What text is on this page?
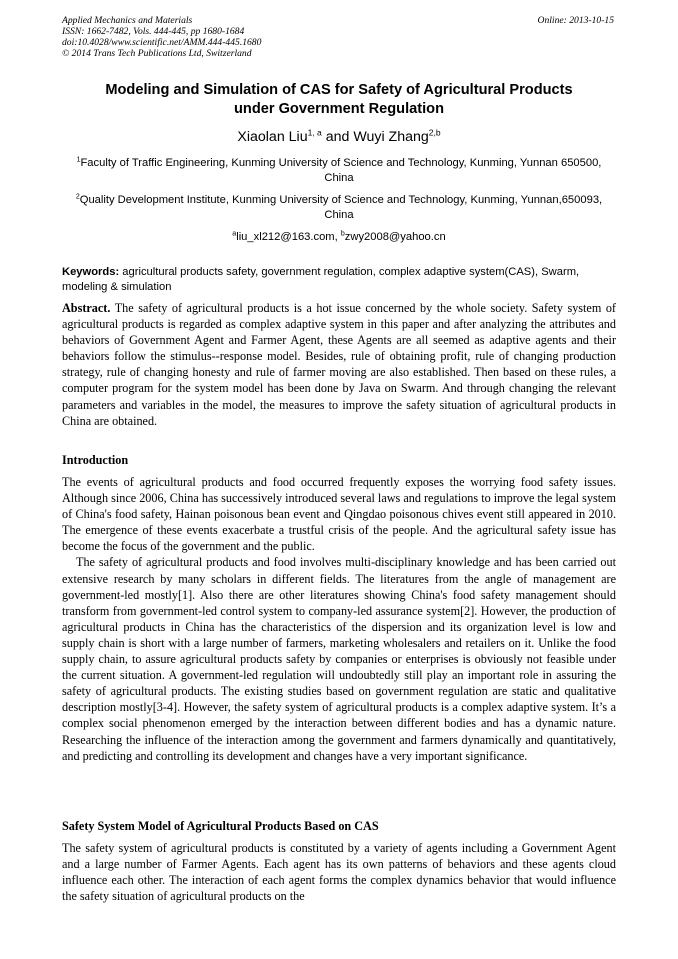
Applied Mechanics and Materials
ISSN: 1662-7482, Vols. 444-445, pp 1680-1684
doi:10.4028/www.scientific.net/AMM.444-445.1680
© 2014 Trans Tech Publications Ltd, Switzerland
Online: 2013-10-15
Modeling and Simulation of CAS for Safety of Agricultural Products
under Government Regulation
Xiaolan Liu$^{1, a}$ and Wuyi Zhang$^{2,b}$
$^1$Faculty of Traffic Engineering, Kunming University of Science and Technology, Kunming, Yunnan 650500, China
$^2$Quality Development Institute, Kunming University of Science and Technology, Kunming, Yunnan,650093, China
$^a$liu_xl212@163.com, $^b$zwy2008@yahoo.cn
Keywords: agricultural products safety, government regulation, complex adaptive system(CAS), Swarm, modeling & simulation
Abstract. The safety of agricultural products is a hot issue concerned by the whole society. Safety system of agricultural products is regarded as complex adaptive system in this paper and after analyzing the attributes and behaviors of Government Agent and Farmer Agent, these Agents are all seemed as adaptive agents and their behaviors follow the stimulus--response model. Besides, rule of obtaining profit, rule of changing production strategy, rule of changing honesty and rule of farmer moving are also established. Then based on these rules, a computer program for the system model has been done by Java on Swarm. And through changing the relevant parameters and variables in the model, the measures to improve the safety situation of agricultural products in China are obtained.
Introduction

The events of agricultural products and food occurred frequently exposes the worrying food safety issues. Although since 2006, China has successively introduced several laws and regulations to improve the legal system of China's food safety, Hainan poisonous bean event and Qingdao poisonous chives event still appeared in 2010. The emergence of these events exacerbate a trustful crisis of the people. And the agricultural safety issue has become the focus of the government and the public.

The safety of agricultural products and food involves multi-disciplinary knowledge and has been carried out extensive research by many scholars in different fields. The literatures from the angle of management are government-led mostly[1]. Also there are other literatures showing China's food safety management should transform from government-led control system to company-led assurance system[2]. However, the production of agricultural products in China has the characteristics of the dispersion and its organization level is low and supply chain is short with a large number of farmers, marketing wholesalers and retailers on it. Unlike the food supply chain, to assure agricultural products safety by companies or enterprises is obviously not feasible under the current situation. A government-led regulation will undoubtedly still play an important role in assuring the safety of agricultural products. The existing studies based on government regulation are static and qualitative description mostly[3-4]. However, the safety system of agricultural products is a complex adaptive system. It’s a complex social phenomenon emerged by the interaction between different bodies and has a dynamic nature. Researching the influence of the interaction among the government and farmers dynamically and quantitatively, and predicting and controlling its development and changes have a very important significance.

Safety System Model of Agricultural Products Based on CAS

The safety system of agricultural products is constituted by a variety of agents including a Government Agent and a large number of Farmer Agents. Each agent has its own patterns of behaviors and these agents cloud influence each other. The interaction of each agent forms the complex dynamics behavior that would influence the safety situation of agricultural products on the
